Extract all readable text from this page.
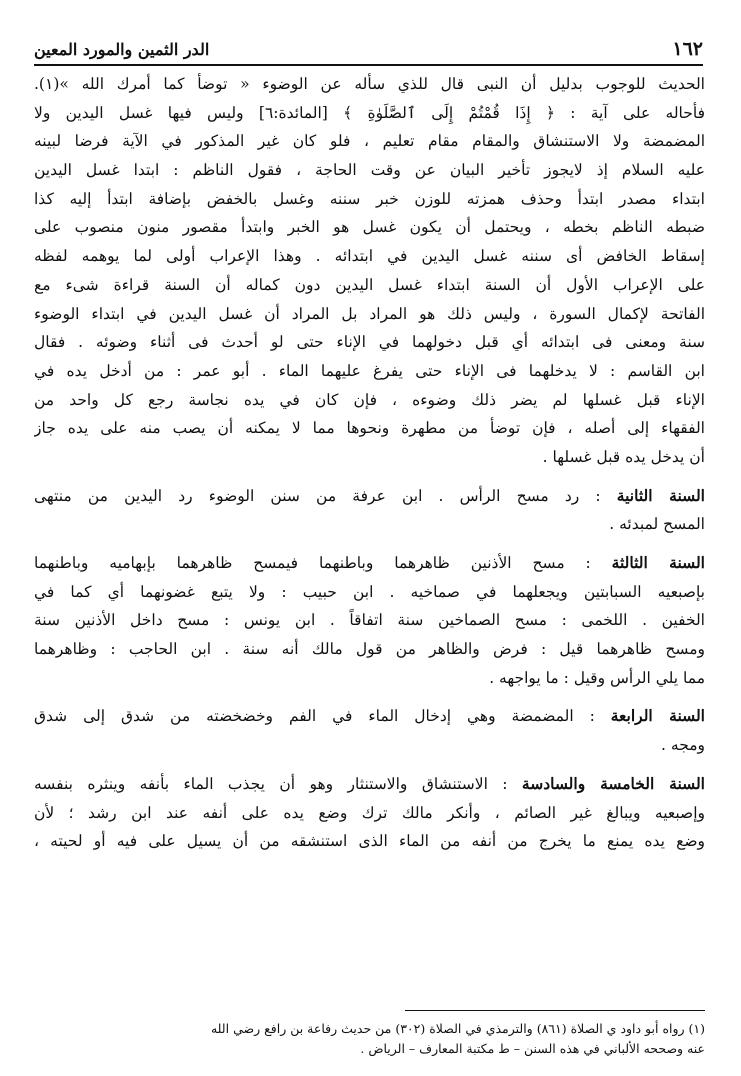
١٦٢
الدر الثمين والمورد المعين
الحديث للوجوب بدليل أن النبى قال للذي سأله عن الوضوء « توضأ كما أمرك الله »(١).
فأحاله على آية : ﴿ إِذَا قُمْتُمْ إِلَى ٱلصَّلَوٰةِ ﴾ [المائدة:٦] وليس فيها غسل اليدين ولا
المضمضة ولا الاستنشاق والمقام مقام تعليم ، فلو كان غير المذكور في الآية فرضا لبينه
عليه السلام إذ لايجوز تأخير البيان عن وقت الحاجة ، فقول الناظم : ابتدا غسل اليدين
ابتداء مصدر ابتدأ وحذف همزته للوزن خبر سننه وغسل بالخفض بإضافة ابتدأ إليه كذا
ضبطه الناظم بخطه ، ويحتمل أن يكون غسل هو الخبر وابتدأ مقصور منون منصوب على
إسقاط الخافض أى سننه غسل اليدين في ابتدائه . وهذا الإعراب أولى لما يوهمه لفظه
على الإعراب الأول أن السنة ابتداء غسل اليدين دون كماله أن السنة قراءة شىء مع
الفاتحة لإكمال السورة ، وليس ذلك هو المراد بل المراد أن غسل اليدين في ابتداء الوضوء
سنة ومعنى فى ابتدائه أي قبل دخولهما في الإناء حتى لو أحدث فى أثناء وضوئه . فقال
ابن القاسم : لا يدخلهما فى الإناء حتى يفرغ عليهما الماء . أبو عمر : من أدخل يده في
الإناء قبل غسلها لم يضر ذلك وضوءه ، فإن كان في يده نجاسة رجع كل واحد من
الفقهاء إلى أصله ، فإن توضأ من مطهرة ونحوها مما لا يمكنه أن يصب منه على يده جاز
أن يدخل يده قبل غسلها .
السنة الثانية : رد مسح الرأس . ابن عرفة من سنن الوضوء رد اليدين من منتهى
المسح لمبدئه .
السنة الثالثة : مسح الأذنين ظاهرهما وباطنهما فيمسح ظاهرهما بإبهاميه وباطنهما
بإصبعيه السبابتين ويجعلهما في صماخيه . ابن حبيب : ولا يتبع غضونهما أي كما في
الخفين . اللخمى : مسح الصماخين سنة اتفاقاً . ابن يونس : مسح داخل الأذنين سنة
ومسح ظاهرهما قيل : فرض والظاهر من قول مالك أنه سنة . ابن الحاجب : وظاهرهما
مما يلي الرأس وقيل : ما يواجهه .
السنة الرابعة : المضمضة وهي إدخال الماء في الفم وخضخضته من شدق إلى شدق
ومجه .
السنة الخامسة والسادسة : الاستنشاق والاستنثار وهو أن يجذب الماء بأنفه وينثره بنفسه
وإصبعيه ويبالغ غير الصائم ، وأنكر مالك ترك وضع يده على أنفه عند ابن رشد ؛ لأن
وضع يده يمنع ما يخرج من أنفه من الماء الذى استنشقه من أن يسيل على فيه أو لحيته ،
(١) رواه أبو داود ي الصلاة (٨٦١) والترمذي في الصلاة (٣٠٢) من حديث رفاعة بن رافع رضي الله
عنه وصححه الألباني في هذه السنن – ط مكتبة المعارف – الرياض .
